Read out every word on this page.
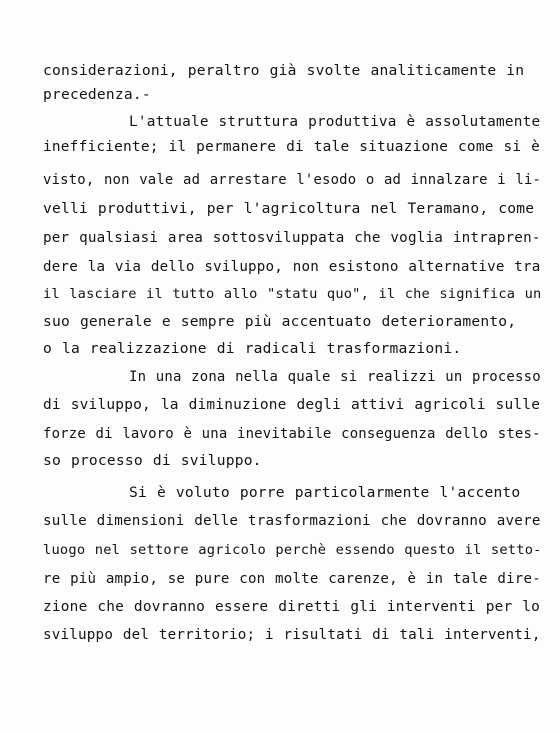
considerazioni, peraltro già svolte analiticamente in
precedenza.-
L'attuale struttura produttiva è assolutamente
inefficiente; il permanere di tale situazione come si è
visto, non vale ad arrestare l'esodo o ad innalzare i li-
velli produttivi, per l'agricoltura nel Teramano, come
per qualsiasi area sottosviluppata che voglia intrapren-
dere la via dello sviluppo, non esistono alternative tra
il lasciare il tutto allo "statu quo", il che significa un
suo generale e sempre più accentuato deterioramento,
o la realizzazione di radicali trasformazioni.
In una zona nella quale si realizzi un processo
di sviluppo, la diminuzione degli attivi agricoli sulle
forze di lavoro è una inevitabile conseguenza dello stes-
so processo di sviluppo.
Si è voluto porre particolarmente l'accento
sulle dimensioni delle trasformazioni che dovranno avere
luogo nel settore agricolo perchè essendo questo il setto-
re più ampio, se pure con molte carenze, è in tale dire-
zione che dovranno essere diretti gli interventi per lo
sviluppo del territorio; i risultati di tali interventi,
